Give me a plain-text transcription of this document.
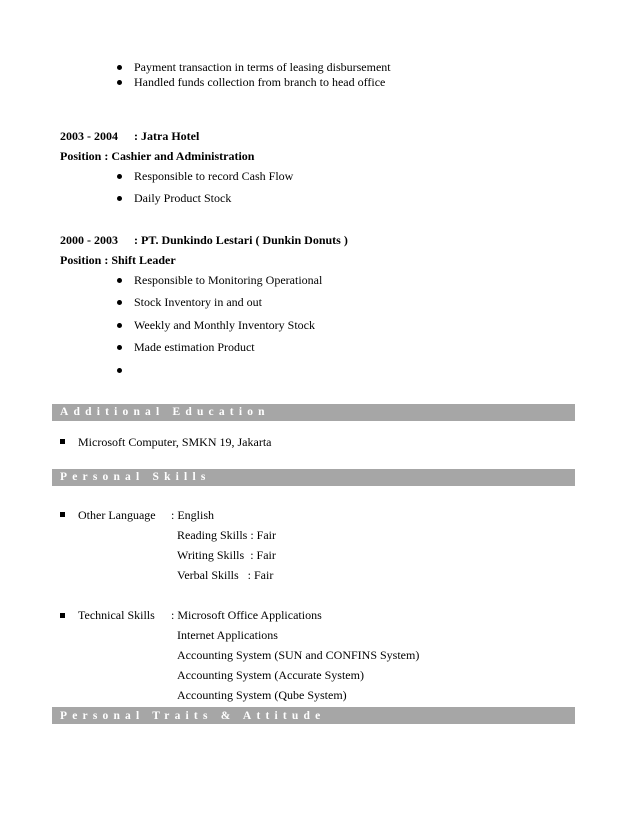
Payment transaction in terms of leasing disbursement
Handled funds collection from branch to head office
2003 - 2004 : Jatra Hotel
Position : Cashier and Administration
Responsible to record Cash Flow
Daily Product Stock
2000 - 2003 : PT. Dunkindo Lestari ( Dunkin Donuts )
Position : Shift Leader
Responsible to Monitoring Operational
Stock Inventory in and out
Weekly and Monthly Inventory Stock
Made estimation Product
Additional Education
Microsoft Computer, SMKN 19, Jakarta
Personal Skills
Other Language : English
Reading Skills : Fair
Writing Skills  : Fair
Verbal Skills   : Fair
Technical Skills : Microsoft Office Applications
Internet Applications
Accounting System (SUN and CONFINS System)
Accounting System (Accurate System)
Accounting System (Qube System)
Personal Traits & Attitude
